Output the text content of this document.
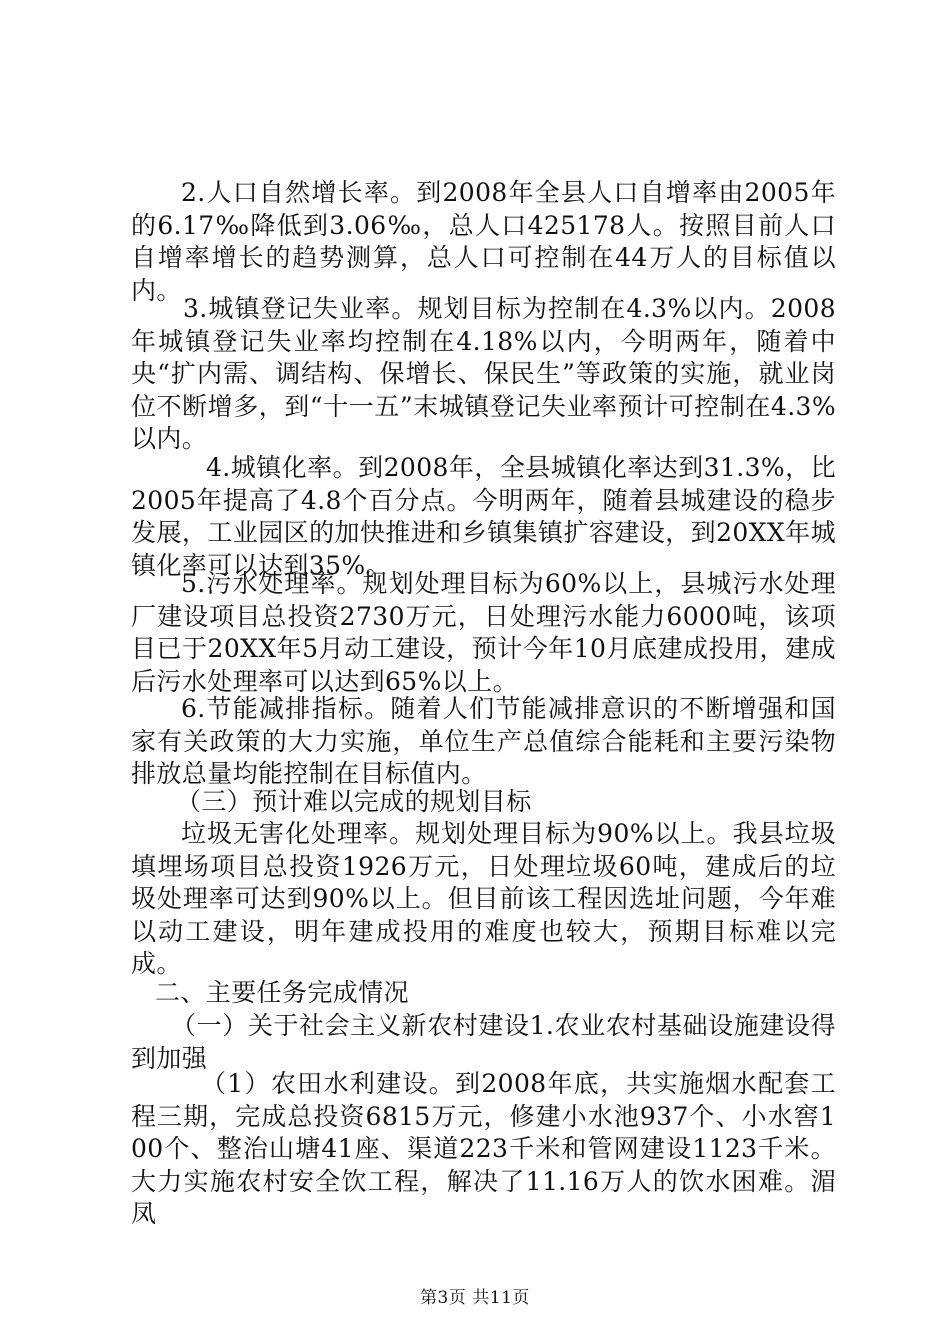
2.人口自然增长率。到2008年全县人口自增率由2005年的6.17‰降低到3.06‰，总人口425178人。按照目前人口自增率增长的趋势测算，总人口可控制在44万人的目标值以内。

3.城镇登记失业率。规划目标为控制在4.3%以内。2008年城镇登记失业率均控制在4.18%以内，今明两年，随着中央“扩内需、调结构、保增长、保民生”等政策的实施，就业岗位不断增多，到“十一五”末城镇登记失业率预计可控制在4.3%以内。

4.城镇化率。到2008年，全县城镇化率达到31.3%，比2005年提高了4.8个百分点。今明两年，随着县城建设的稳步发展，工业园区的加快推进和乡镇集镇扩容建设，到20XX年城镇化率可以达到35%。

5.污水处理率。规划处理目标为60%以上，县城污水处理厂建设项目总投资2730万元，日处理污水能力6000吨，该项目已于20XX年5月动工建设，预计今年10月底建成投用，建成后污水处理率可以达到65%以上。

6.节能减排指标。随着人们节能减排意识的不断增强和国家有关政策的大力实施，单位生产总值综合能耗和主要污染物排放总量均能控制在目标值内。

（三）预计难以完成的规划目标

垃圾无害化处理率。规划处理目标为90%以上。我县垃圾填埋场项目总投资1926万元，日处理垃圾60吨，建成后的垃圾处理率可达到90%以上。但目前该工程因选址问题，今年难以动工建设，明年建成投用的难度也较大，预期目标难以完成。

二、主要任务完成情况

（一）关于社会主义新农村建设1.农业农村基础设施建设得到加强

（1）农田水利建设。到2008年底，共实施烟水配套工程三期，完成总投资6815万元，修建小水池937个、小水窖100个、整治山塘41座、渠道223千米和管网建设1123千米。大力实施农村安全饮工程，解决了11.16万人的饮水困难。湄凤

第3页 共11页
